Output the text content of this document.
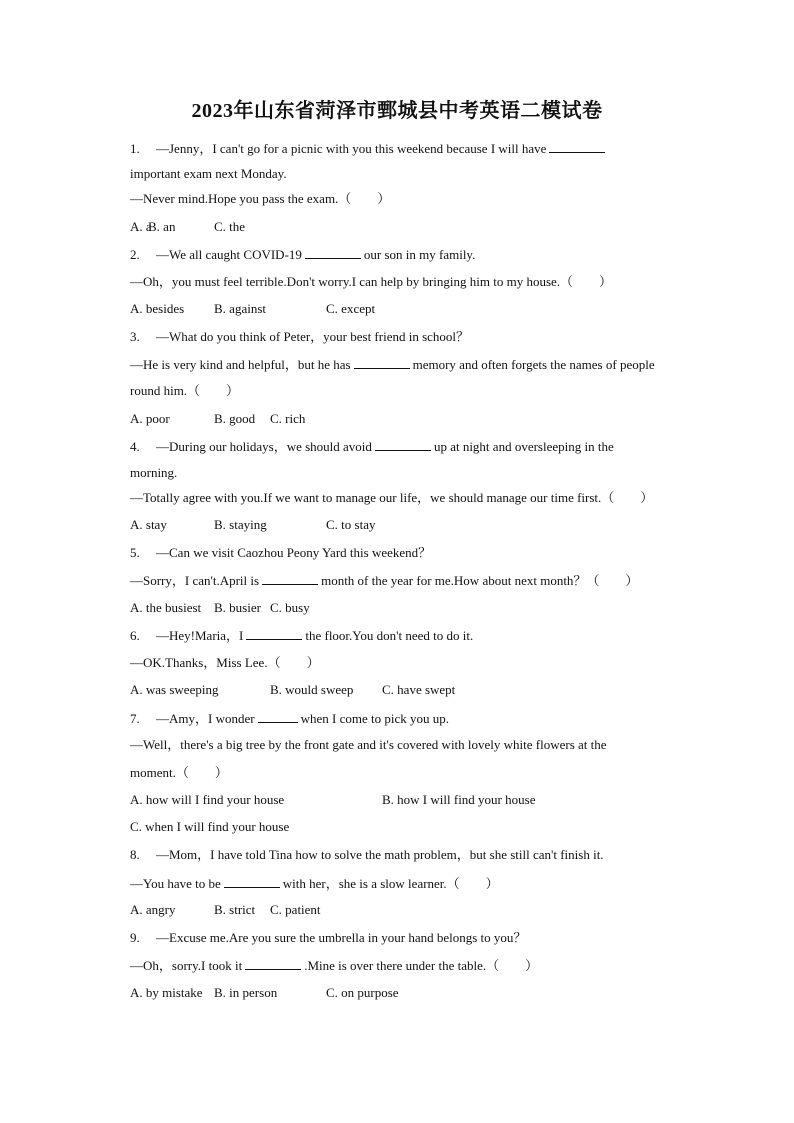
2023年山东省菏泽市鄄城县中考英语二模试卷
1. —Jenny，I can't go for a picnic with you this weekend because I will have
important exam next Monday.
—Never mind.Hope you pass the exam.（　　）
A. a
B. an	C. the
2. —We all caught COVID-19	our son in my family.
—Oh，you must feel terrible.Don't worry.I can help by bringing him to my house.（　　）
A. besides B. against	C. except
3. —What do you think of Peter，your best friend in school？
—He is very kind and helpful，but he has	memory and often forgets the names of people
round him.（　　）
A. poor	B. good C. rich
4. —During our holidays，we should avoid	up at night and oversleeping in the
morning.
—Totally agree with you.If we want to manage our life，we should manage our time first.（　　）
A. stay	B. staying	C. to stay
5. —Can we visit Caozhou Peony Yard this weekend？
—Sorry，I can't.April is	month of the year for me.How about next month？（　　）
A. the busiest B. busier C. busy
6. —Hey!Maria，I	the floor.You don't need to do it.
—OK.Thanks，Miss Lee.（　　）
A. was sweeping	B. would sweep C. have swept
7. —Amy，I wonder	when I come to pick you up.
—Well，there's a big tree by the front gate and it's covered with lovely white flowers at the
moment.（　　）
A. how will I find your house	B. how I will find your house
C. when I will find your house
8. —Mom，I have told Tina how to solve the math problem，but she still can't finish it.
—You have to be	with her，she is a slow learner.（　　）
A. angry	B. strict C. patient
9. —Excuse me.Are you sure the umbrella in your hand belongs to you？
—Oh，sorry.I took it	.Mine is over there under the table.（　　）
A. by mistake B. in person	C. on purpose
